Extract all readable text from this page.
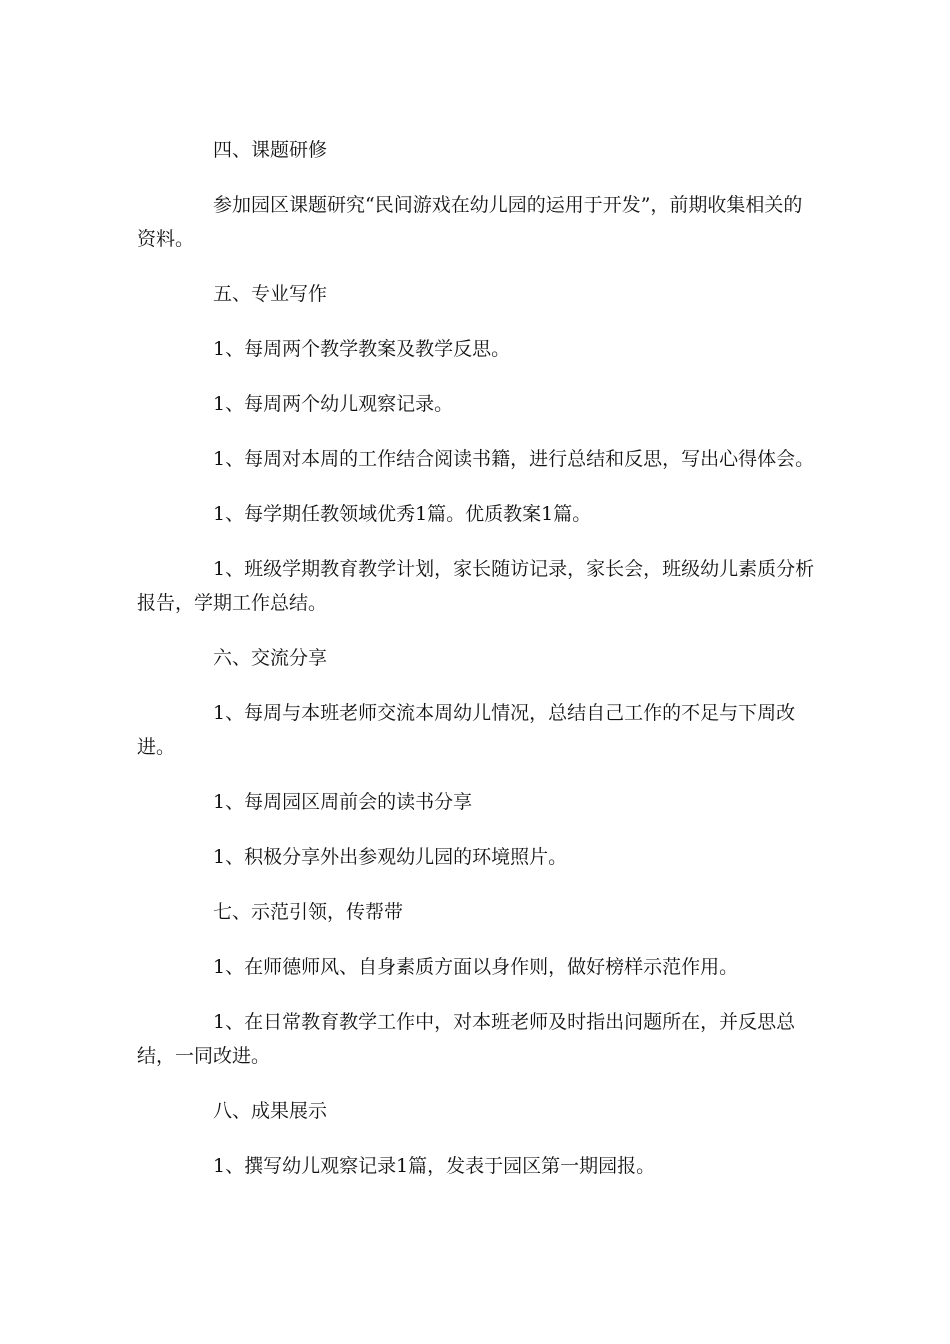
四、课题研修

参加园区课题研究“民间游戏在幼儿园的运用于开发”，前期收集相关的资料。

五、专业写作

1、每周两个教学教案及教学反思。

1、每周两个幼儿观察记录。

1、每周对本周的工作结合阅读书籍，进行总结和反思，写出心得体会。

1、每学期任教领域优秀1篇。优质教案1篇。

1、班级学期教育教学计划，家长随访记录，家长会，班级幼儿素质分析报告，学期工作总结。

六、交流分享

1、每周与本班老师交流本周幼儿情况，总结自己工作的不足与下周改进。

1、每周园区周前会的读书分享

1、积极分享外出参观幼儿园的环境照片。

七、示范引领，传帮带

1、在师德师风、自身素质方面以身作则，做好榜样示范作用。

1、在日常教育教学工作中，对本班老师及时指出问题所在，并反思总结，一同改进。

八、成果展示

1、撰写幼儿观察记录1篇，发表于园区第一期园报。
